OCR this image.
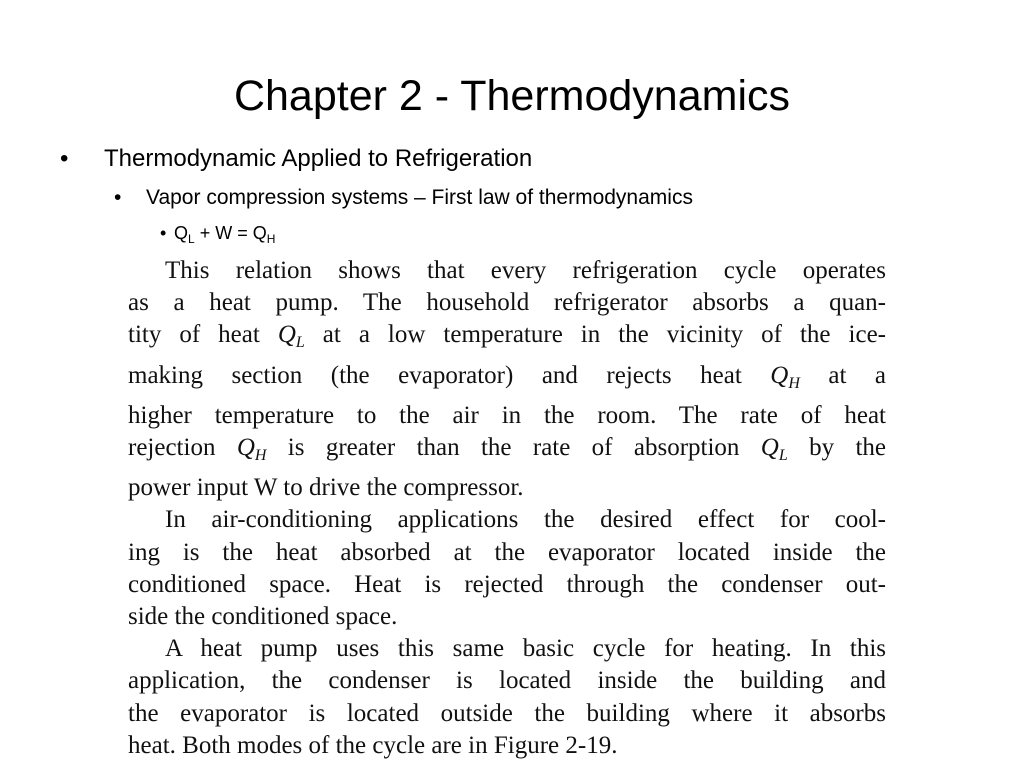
Chapter 2 - Thermodynamics
• Thermodynamic Applied to Refrigeration
• Vapor compression systems – First law of thermodynamics
• $Q_L + W = Q_H$
This relation shows that every refrigeration cycle operates
as a heat pump. The household refrigerator absorbs a quan-
tity of heat $Q_L$ at a low temperature in the vicinity of the ice-
making section (the evaporator) and rejects heat $Q_H$ at a
higher temperature to the air in the room. The rate of heat
rejection $Q_H$ is greater than the rate of absorption $Q_L$ by the
power input W to drive the compressor.
In air-conditioning applications the desired effect for cool-
ing is the heat absorbed at the evaporator located inside the
conditioned space. Heat is rejected through the condenser out-
side the conditioned space.
A heat pump uses this same basic cycle for heating. In this
application, the condenser is located inside the building and
the evaporator is located outside the building where it absorbs
heat. Both modes of the cycle are in Figure 2-19.
